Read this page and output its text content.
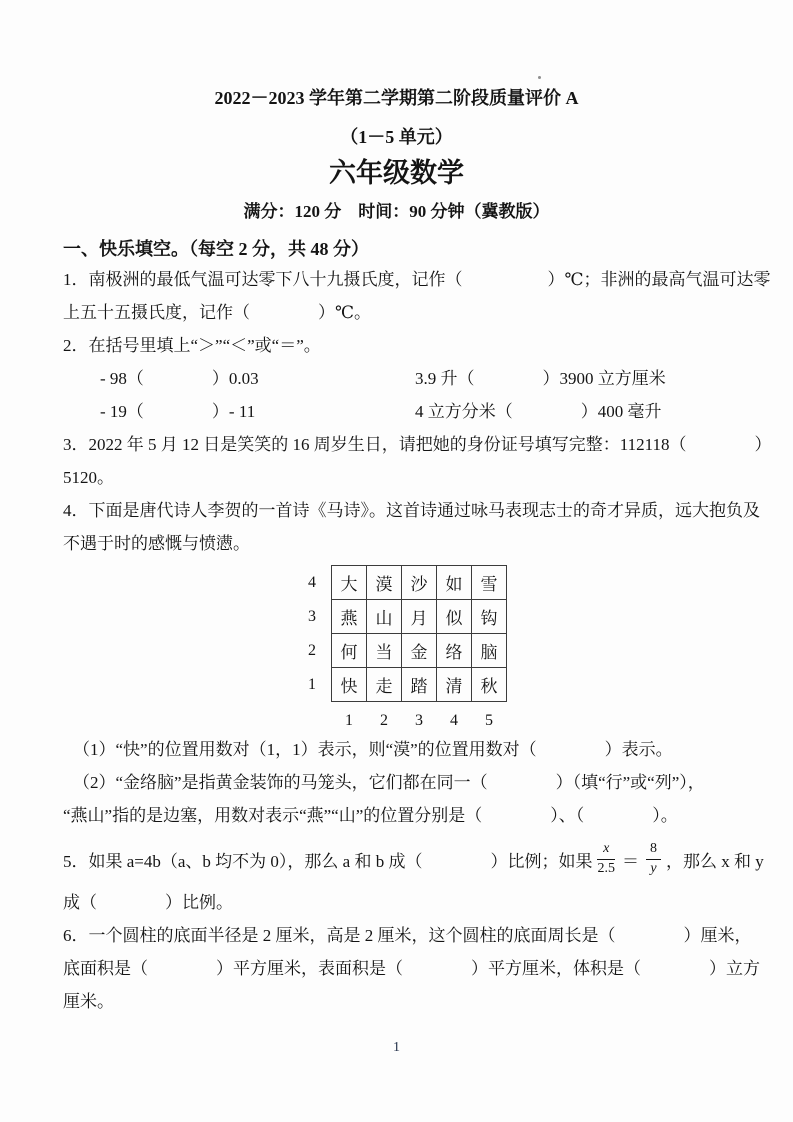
2022－2023 学年第二学期第二阶段质量评价 A
（1－5 单元）
六年级数学
满分：120 分　时间：90 分钟（冀教版）
一、快乐填空。（每空 2 分，共 48 分）
1．南极洲的最低气温可达零下八十九摄氏度，记作（　　　　　）℃；非洲的最高气温可达零
上五十五摄氏度，记作（　　　　）℃。
2．在括号里填上“＞”“＜”或“＝”。
- 98（　　　　）0.03	3.9 升（　　　　）3900 立方厘米
- 19（　　　　）- 11	4 立方分米（　　　　）400 毫升
3．2022 年 5 月 12 日是笑笑的 16 周岁生日，请把她的身份证号填写完整：112118（　　　　）
5120。
4．下面是唐代诗人李贺的一首诗《马诗》。这首诗通过咏马表现志士的奇才异质，远大抱负及
不遇于时的感慨与愤懑。
4	大	漠	沙	如	雪
3	燕	山	月	似	钩
2	何	当	金	络	脑
1	快	走	踏	清	秋
	1	2	3	4	5
（1）“快”的位置用数对（1，1）表示，则“漠”的位置用数对（　　　　）表示。
（2）“金络脑”是指黄金装饰的马笼头，它们都在同一（　　　　）（填“行”或“列”），
“燕山”指的是边塞，用数对表示“燕”“山”的位置分别是（　　　　）、（　　　　）。
5．如果 a=4b（a、b 均不为 0），那么 a 和 b 成（　　　　）比例；如果 $\frac{x}{2.5} = \frac{8}{y}$ ，那么 x 和 y
成（　　　　）比例。
6．一个圆柱的底面半径是 2 厘米，高是 2 厘米，这个圆柱的底面周长是（　　　　）厘米，
底面积是（　　　　）平方厘米，表面积是（　　　　）平方厘米，体积是（　　　　）立方
厘米。
1
